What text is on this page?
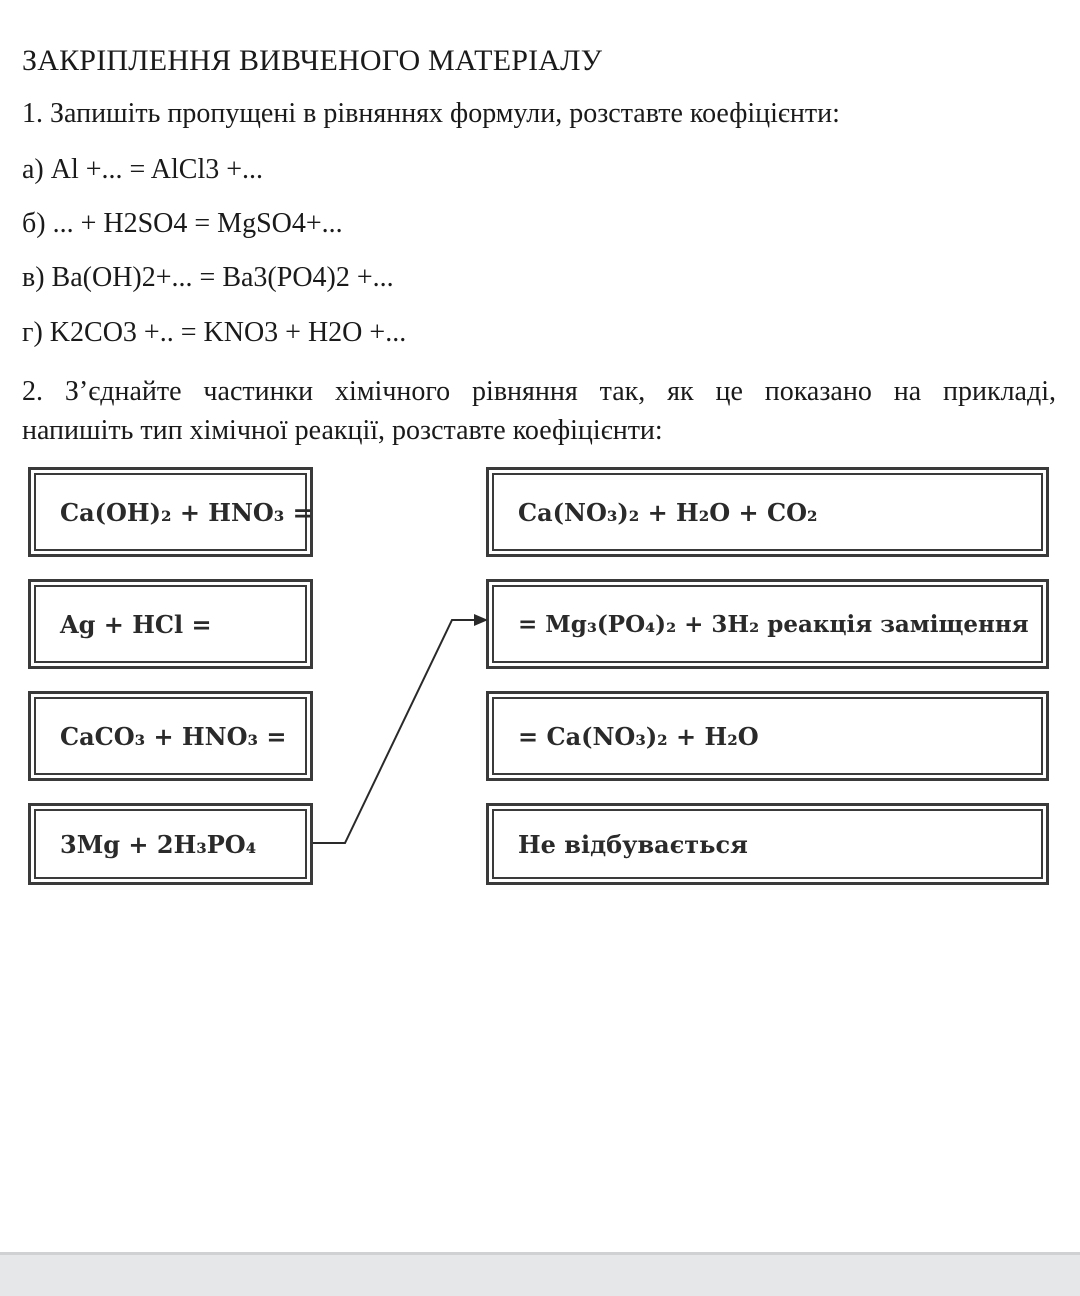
ЗАКРІПЛЕННЯ ВИВЧЕНОГО МАТЕРІАЛУ
1. Запишіть пропущені в рівняннях формули, розставте коефіцієнти:
а) Al +... = AlCl3 +...
б) ... + H2SO4 = MgSO4+...
в) Ba(OH)2+... = Ba3(PO4)2 +...
г) K2CO3 +.. = KNO3 + H2O +...
2. З’єднайте частинки хімічного рівняння так, як це показано на прикладі,
напишіть тип хімічної реакції, розставте коефіцієнти:
Ca(OH)₂ + HNO₃ =
Ag + HCl =
CaCO₃ + HNO₃ =
3Mg + 2H₃PO₄
Ca(NO₃)₂ + H₂O + CO₂
= Mg₃(PO₄)₂ + 3H₂ реакція заміщення
= Ca(NO₃)₂ + H₂O
Не відбувається
